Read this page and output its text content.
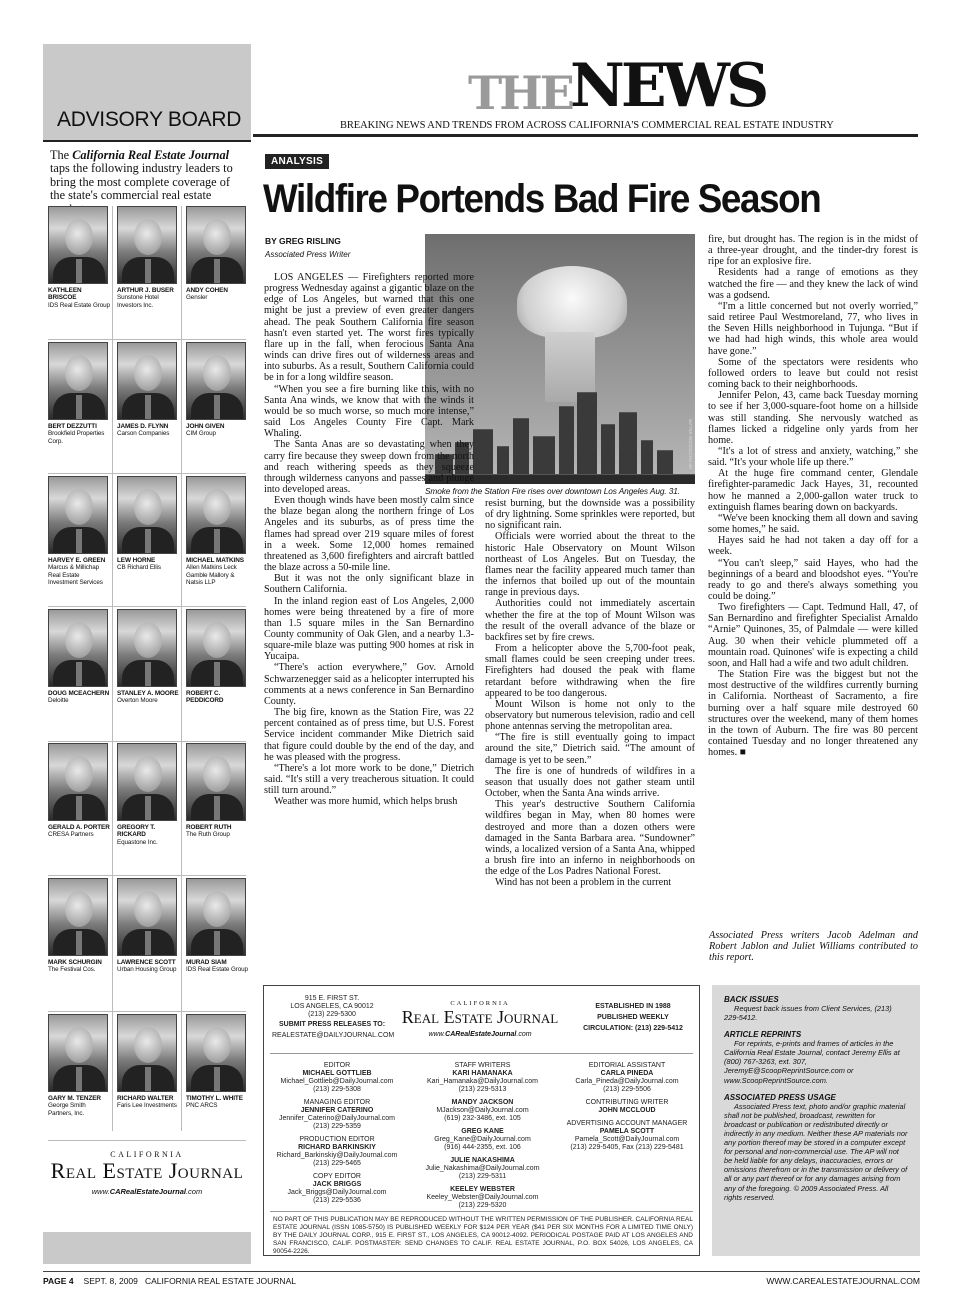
ADVISORY BOARD
The California Real Estate Journal taps the following industry leaders to bring the most complete coverage of the state's commercial real estate
KATHLEEN BRISCOE
IDS Real Estate Group
ARTHUR J. BUSER
Sunstone Hotel Investors Inc.
ANDY COHEN
Gensler
BERT DEZZUTTI
Brookfield Properties Corp.
JAMES D. FLYNN
Carson Companies
JOHN GIVEN
CIM Group
HARVEY E. GREEN
Marcus & Millichap Real Estate Investment Services
LEW HORNE
CB Richard Ellis
MICHAEL MATKINS
Allen Matkins Leck Gamble Mallory & Natsis LLP
DOUG MCEACHERN
Deloitte
STANLEY A. MOORE
Overton Moore
ROBERT C. PEDDICORD
GERALD A. PORTER
CRESA Partners
GREGORY T. RICKARD
Equastone Inc.
ROBERT RUTH
The Ruth Group
MARK SCHURGIN
The Festival Cos.
LAWRENCE SCOTT
Urban Housing Group
MURAD SIAM
IDS Real Estate Group
GARY M. TENZER
George Smith Partners, Inc.
RICHARD WALTER
Faris Lee Investments
TIMOTHY L. WHITE
PNC ARCS
CALIFORNIA
Real Estate Journal
www.CARealEstateJournal.com
THE
NEWS
BREAKING NEWS AND TRENDS FROM ACROSS CALIFORNIA'S COMMERCIAL REAL ESTATE INDUSTRY
ANALYSIS
Wildfire Portends Bad Fire Season
BY GREG RISLING
Associated Press Writer
AP PHOTO/JON VILLAR
Smoke from the Station Fire rises over downtown Los Angeles Aug. 31.

LOS ANGELES — Firefighters reported more progress Wednesday against a gigantic blaze on the edge of Los Angeles, but warned that this one might be just a preview of even greater dangers ahead. The peak Southern California fire season hasn't even started yet. The worst fires typically flare up in the fall, when ferocious Santa Ana winds can drive fires out of wilderness areas and into suburbs. As a result, Southern California could be in for a long wildfire season.

“When you see a fire burning like this, with no Santa Ana winds, we know that with the winds it would be so much worse, so much more intense,” said Los Angeles County Fire Capt. Mark Whaling.

The Santa Anas are so devastating when they carry fire because they sweep down from the north and reach withering speeds as they squeeze through wilderness canyons and passes and plunge into developed areas.

Even though winds have been mostly calm since the blaze began along the northern fringe of Los Angeles and its suburbs, as of press time the flames had spread over 219 square miles of forest in a week. Some 12,000 homes remained threatened as 3,600 firefighters and aircraft battled the blaze across a 50-mile line.

But it was not the only significant blaze in Southern California.

In the inland region east of Los Angeles, 2,000 homes were being threatened by a fire of more than 1.5 square miles in the San Bernardino County community of Oak Glen, and a nearby 1.3-square-mile blaze was putting 900 homes at risk in Yucaipa.

“There's action everywhere,” Gov. Arnold Schwarzenegger said as a helicopter interrupted his comments at a news conference in San Bernardino County.

The big fire, known as the Station Fire, was 22 percent contained as of press time, but U.S. Forest Service incident commander Mike Dietrich said that figure could double by the end of the day, and he was pleased with the progress.

“There's a lot more work to be done,” Dietrich said. “It's still a very treacherous situation. It could still turn around.”

Weather was more humid, which helps brush

resist burning, but the downside was a possibility of dry lightning. Some sprinkles were reported, but no significant rain.

Officials were worried about the threat to the historic Hale Observatory on Mount Wilson northeast of Los Angeles. But on Tuesday, the flames near the facility appeared much tamer than the infernos that boiled up out of the mountain range in previous days.

Authorities could not immediately ascertain whether the fire at the top of Mount Wilson was the result of the overall advance of the blaze or backfires set by fire crews.

From a helicopter above the 5,700-foot peak, small flames could be seen creeping under trees. Firefighters had doused the peak with flame retardant before withdrawing when the fire appeared to be too dangerous.

Mount Wilson is home not only to the observatory but numerous television, radio and cell phone antennas serving the metropolitan area.

“The fire is still eventually going to impact around the site,” Dietrich said. “The amount of damage is yet to be seen.”

The fire is one of hundreds of wildfires in a season that usually does not gather steam until October, when the Santa Ana winds arrive.

This year's destructive Southern California wildfires began in May, when 80 homes were destroyed and more than a dozen others were damaged in the Santa Barbara area. “Sundowner” winds, a localized version of a Santa Ana, whipped a brush fire into an inferno in neighborhoods on the edge of the Los Padres National Forest.

Wind has not been a problem in the current

fire, but drought has. The region is in the midst of a three-year drought, and the tinder-dry forest is ripe for an explosive fire.

Residents had a range of emotions as they watched the fire — and they knew the lack of wind was a godsend.

“I'm a little concerned but not overly worried,” said retiree Paul Westmoreland, 77, who lives in the Seven Hills neighborhood in Tujunga. “But if we had had high winds, this whole area would have gone.”

Some of the spectators were residents who followed orders to leave but could not resist coming back to their neighborhoods.

Jennifer Pelon, 43, came back Tuesday morning to see if her 3,000-square-foot home on a hillside was still standing. She nervously watched as flames licked a ridgeline only yards from her home.

“It's a lot of stress and anxiety, watching,” she said. “It's your whole life up there.”

At the huge fire command center, Glendale firefighter-paramedic Jack Hayes, 31, recounted how he manned a 2,000-gallon water truck to extinguish flames bearing down on backyards.

“We've been knocking them all down and saving some homes,” he said.

Hayes said he had not taken a day off for a week.

“You can't sleep,” said Hayes, who had the beginnings of a beard and bloodshot eyes. “You're ready to go and there's always something you could be doing.”

Two firefighters — Capt. Tedmund Hall, 47, of San Bernardino and firefighter Specialist Arnaldo “Arnie” Quinones, 35, of Palmdale — were killed Aug. 30 when their vehicle plummeted off a mountain road. Quinones' wife is expecting a child soon, and Hall had a wife and two adult children.

The Station Fire was the biggest but not the most destructive of the wildfires currently burning in California. Northeast of Sacramento, a fire burning over a half square mile destroyed 60 structures over the weekend, many of them homes in the town of Auburn. The fire was 80 percent contained Tuesday and no longer threatened any homes. ■

Associated Press writers Jacob Adelman and Robert Jablon and Juliet Williams contributed to this report.
915 E. FIRST ST.
LOS ANGELES, CA 90012
(213) 229-5300
SUBMIT PRESS RELEASES TO:
REALESTATE@DAILYJOURNAL.COM
CALIFORNIA
Real Estate Journal
www.CARealEstateJournal.com
ESTABLISHED IN 1988
PUBLISHED WEEKLY
CIRCULATION: (213) 229-5412
EDITOR
MICHAEL GOTTLIEB
Michael_Gottlieb@DailyJournal.com
(213) 229-5308
MANAGING EDITOR
JENNIFER CATERINO
Jennifer_Caterino@DailyJournal.com
(213) 229-5359
PRODUCTION EDITOR
RICHARD BARKINSKIY
Richard_Barkinskiy@DailyJournal.com
(213) 229-5465
COPY EDITOR
JACK BRIGGS
Jack_Briggs@DailyJournal.com
(213) 229-5536
STAFF WRITERS
KARI HAMANAKA
Kari_Hamanaka@DailyJournal.com
(213) 229-5313
MANDY JACKSON
MJackson@DailyJournal.com
(619) 232-3486, ext. 105
GREG KANE
Greg_Kane@DailyJournal.com
(916) 444-2355, ext. 106
JULIE NAKASHIMA
Julie_Nakashima@DailyJournal.com
(213) 229-5311
KEELEY WEBSTER
Keeley_Webster@DailyJournal.com
(213) 229-5320
EDITORIAL ASSISTANT
CARLA PINEDA
Carla_Pineda@DailyJournal.com
(213) 229-5506
CONTRIBUTING WRITER
JOHN MCCLOUD
ADVERTISING ACCOUNT MANAGER
PAMELA SCOTT
Pamela_Scott@DailyJournal.com
(213) 229-5405, Fax (213) 229-5481
NO PART OF THIS PUBLICATION MAY BE REPRODUCED WITHOUT THE WRITTEN PERMISSION OF THE PUBLISHER. CALIFORNIA REAL ESTATE JOURNAL (ISSN 1085-5750) IS PUBLISHED WEEKLY FOR $124 PER YEAR ($41 PER SIX MONTHS FOR A LIMITED TIME ONLY) BY THE DAILY JOURNAL CORP., 915 E. FIRST ST., LOS ANGELES, CA 90012-4092. PERIODICAL POSTAGE PAID AT LOS ANGELES AND SAN FRANCISCO, CALIF. POSTMASTER: SEND CHANGES TO CALIF. REAL ESTATE JOURNAL, P.O. BOX 54026, LOS ANGELES, CA 90054-2226.
BACK ISSUES
Request back issues from Client Services, (213) 229-5412.
ARTICLE REPRINTS
For reprints, e-prints and frames of articles in the California Real Estate Journal, contact Jeremy Ellis at (800) 767-3263, ext. 307, JeremyE@ScoopReprintSource.com or www.ScoopReprintSource.com.
ASSOCIATED PRESS USAGE
Associated Press text, photo and/or graphic material shall not be published, broadcast, rewritten for broadcast or publication or redistributed directly or indirectly in any medium. Neither these AP materials nor any portion thereof may be stored in a computer except for personal and non-commercial use. The AP will not be held liable for any delays, inaccuracies, errors or omissions therefrom or in the transmission or delivery of all or any part thereof or for any damages arising from any of the foregoing. © 2009 Associated Press. All rights reserved.
PAGE 4 SEPT. 8, 2009 CALIFORNIA REAL ESTATE JOURNAL	WWW.CAREALESTATEJOURNAL.COM
